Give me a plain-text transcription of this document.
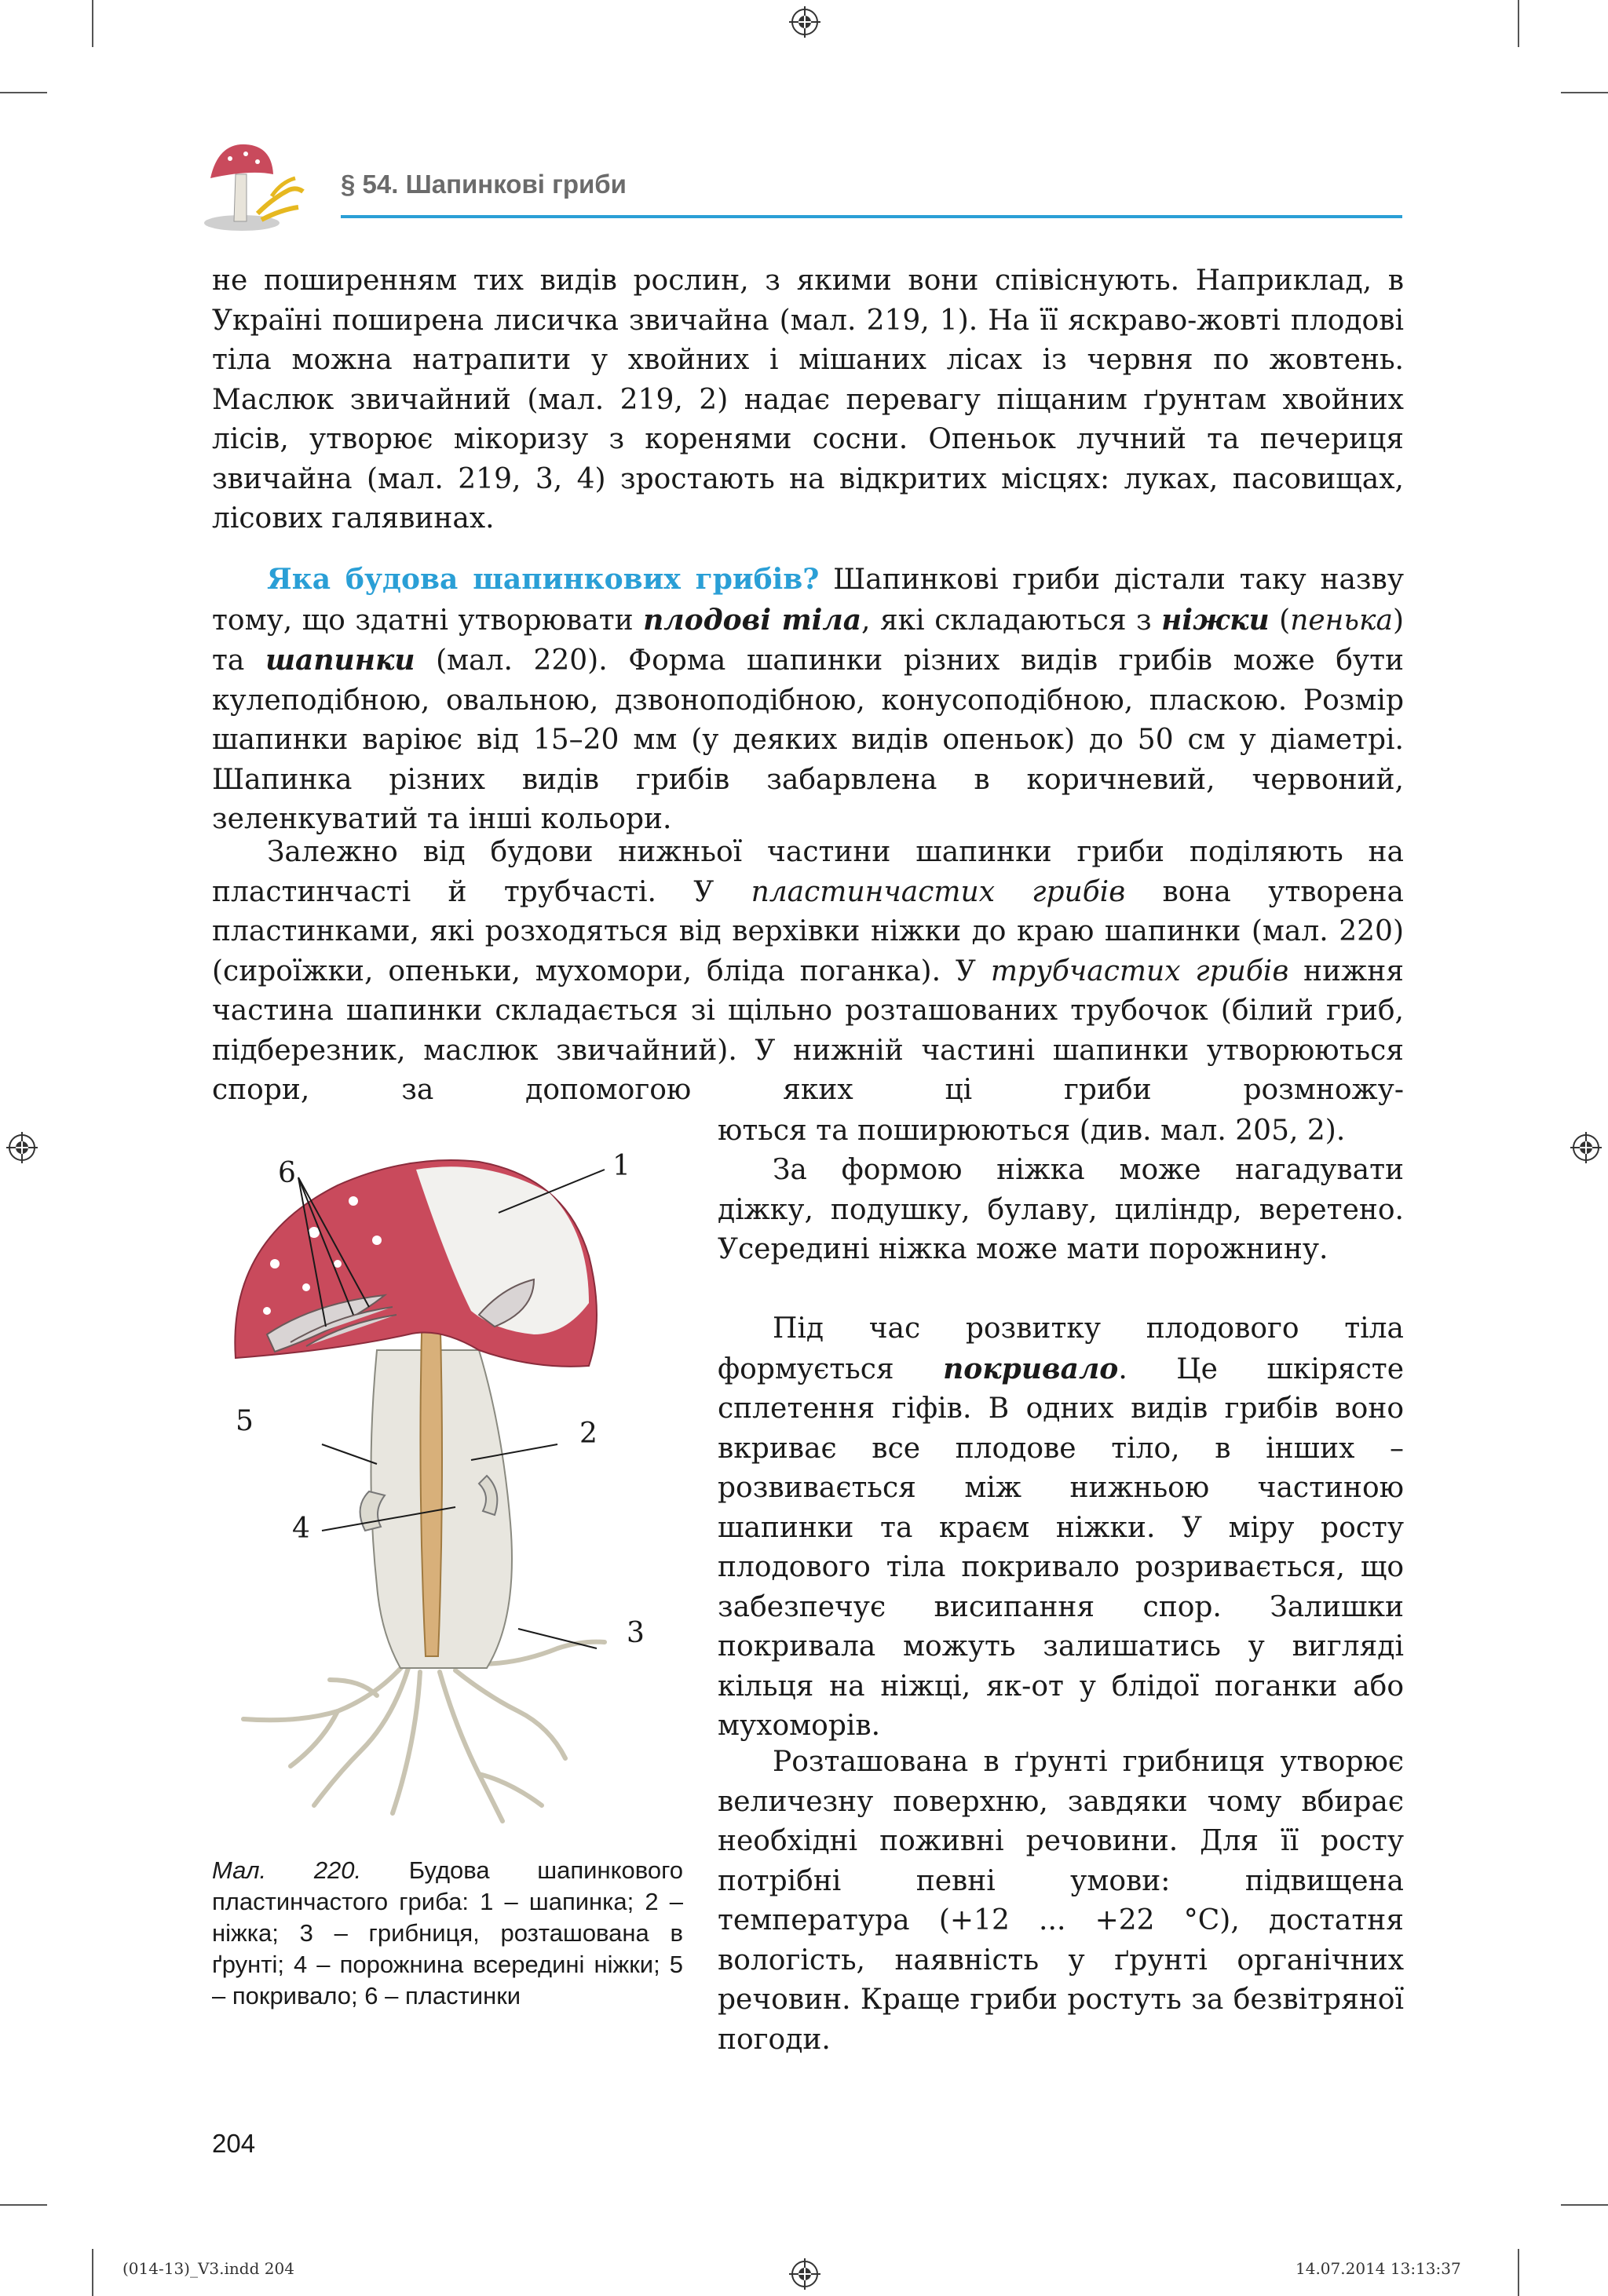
§ 54. Шапинкові гриби
не поширенням тих видів рослин, з якими вони співіснують. Наприклад, в Україні поширена лисичка звичайна (мал. 219, 1). На її яскраво-жовті плодові тіла можна натрапити у хвойних і мішаних лісах із червня по жовтень. Маслюк звичайний (мал. 219, 2) надає перевагу піщаним ґрунтам хвойних лісів, утворює мікоризу з коренями сосни. Опеньок лучний та печериця звичайна (мал. 219, 3, 4) зростають на відкритих місцях: луках, пасовищах, лісових галявинах.
Яка будова шапинкових грибів? Шапинкові гриби дістали таку назву тому, що здатні утворювати плодові тіла, які складаються з ніжки (пенька) та шапинки (мал. 220). Форма шапинки різних видів грибів може бути кулеподібною, овальною, дзвоноподібною, конусоподібною, пласкою. Розмір шапинки варіює від 15–20 мм (у деяких видів опеньок) до 50 см у діаметрі. Шапинка різних видів грибів забарвлена в коричневий, червоний, зеленкуватий та інші кольори.
Залежно від будови нижньої частини шапинки гриби поділяють на пластинчасті й трубчасті. У пластинчастих грибів вона утворена пластинками, які розходяться від верхівки ніжки до краю шапинки (мал. 220) (сироїжки, опеньки, мухомори, бліда поганка). У трубчастих грибів нижня частина шапинки складається зі щільно розташованих трубочок (білий гриб, підберезник, маслюк звичайний). У нижній частині шапинки утворюються спори, за допомогою яких ці гриби розмножу-
ються та поширюються (див. мал. 205, 2).
За формою ніжка може нагадувати діжку, подушку, булаву, циліндр, веретено. Усередині ніжка може мати порожнину.
Під час розвитку плодового тіла формується покривало. Це шкірясте сплетення гіфів. В одних видів грибів воно вкриває все плодове тіло, в інших – розвивається між нижньою частиною шапинки та краєм ніжки. У міру росту плодового тіла покривало розривається, що забезпечує висипання спор. Залишки покривала можуть залишатись у вигляді кільця на ніжці, як-от у блідої поганки або мухоморів.
Розташована в ґрунті грибниця утворює величезну поверхню, завдяки чому вбирає необхідні поживні речовини. Для її росту потрібні певні умови: підвищена температура (+12 ... +22 °C), достатня вологість, наявність у ґрунті органічних речовин. Краще гриби ростуть за безвітряної погоди.
1
2
3
4
5
6
Мал. 220. Будова шапинкового пластинчастого гриба: 1 – шапинка; 2 – ніжка; 3 – грибниця, розташована в ґрунті; 4 – порожнина всередині ніжки; 5 – покривало; 6 – пластинки
204
(014-13)_V3.indd 204	14.07.2014 13:13:37
